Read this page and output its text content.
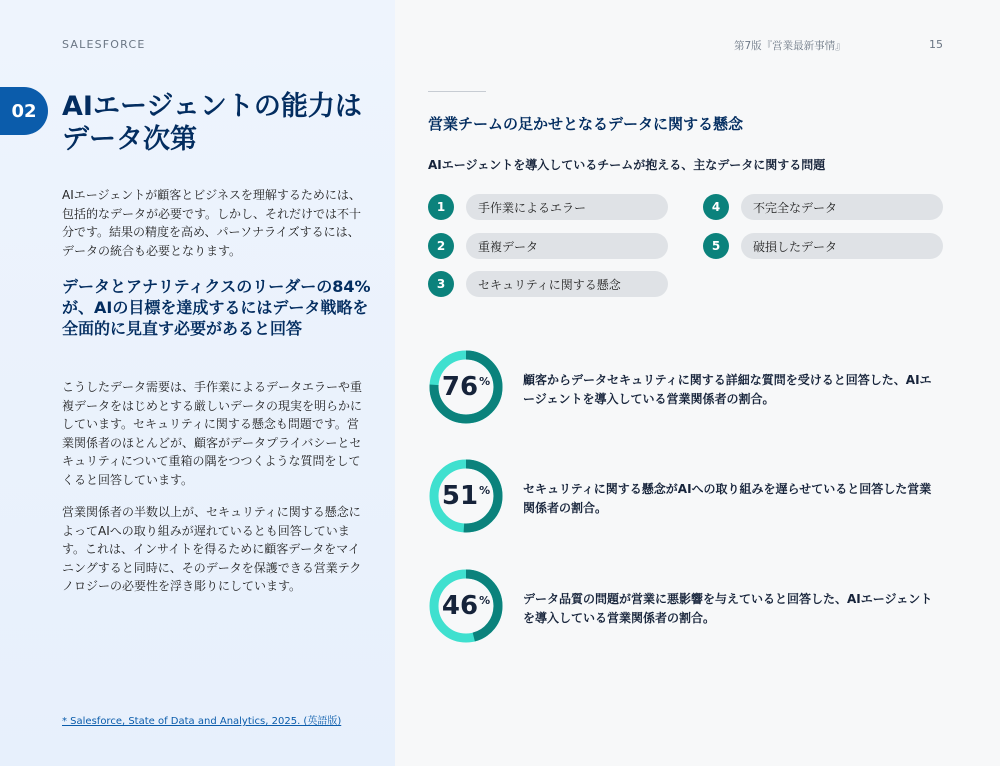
SALESFORCE	第7版『営業最新事情』	15
02 AIエージェントの能力はデータ次第

AIエージェントが顧客とビジネスを理解するためには、包括的なデータが必要です。しかし、それだけでは不十分です。結果の精度を高め、パーソナライズするには、データの統合も必要となります。

データとアナリティクスのリーダーの84%が、AIの目標を達成するにはデータ戦略を全面的に見直す必要があると回答

こうしたデータ需要は、手作業によるデータエラーや重複データをはじめとする厳しいデータの現実を明らかにしています。セキュリティに関する懸念も問題です。営業関係者のほとんどが、顧客がデータプライバシーとセキュリティについて重箱の隅をつつくような質問をしてくると回答しています。

営業関係者の半数以上が、セキュリティに関する懸念によってAIへの取り組みが遅れているとも回答しています。これは、インサイトを得るために顧客データをマイニングすると同時に、そのデータを保護できる営業テクノロジーの必要性を浮き彫りにしています。

* Salesforce, State of Data and Analytics, 2025. (英語版)
営業チームの足かせとなるデータに関する懸念
AIエージェントを導入しているチームが抱える、主なデータに関する問題
1	手作業によるエラー
2	重複データ
3	セキュリティに関する懸念
4	不完全なデータ
5	破損したデータ
76 %	顧客からデータセキュリティに関する詳細な質問を受けると回答した、AIエージェントを導入している営業関係者の割合。
51 %	セキュリティに関する懸念がAIへの取り組みを遅らせていると回答した営業関係者の割合。
46 %	データ品質の問題が営業に悪影響を与えていると回答した、AIエージェントを導入している営業関係者の割合。
